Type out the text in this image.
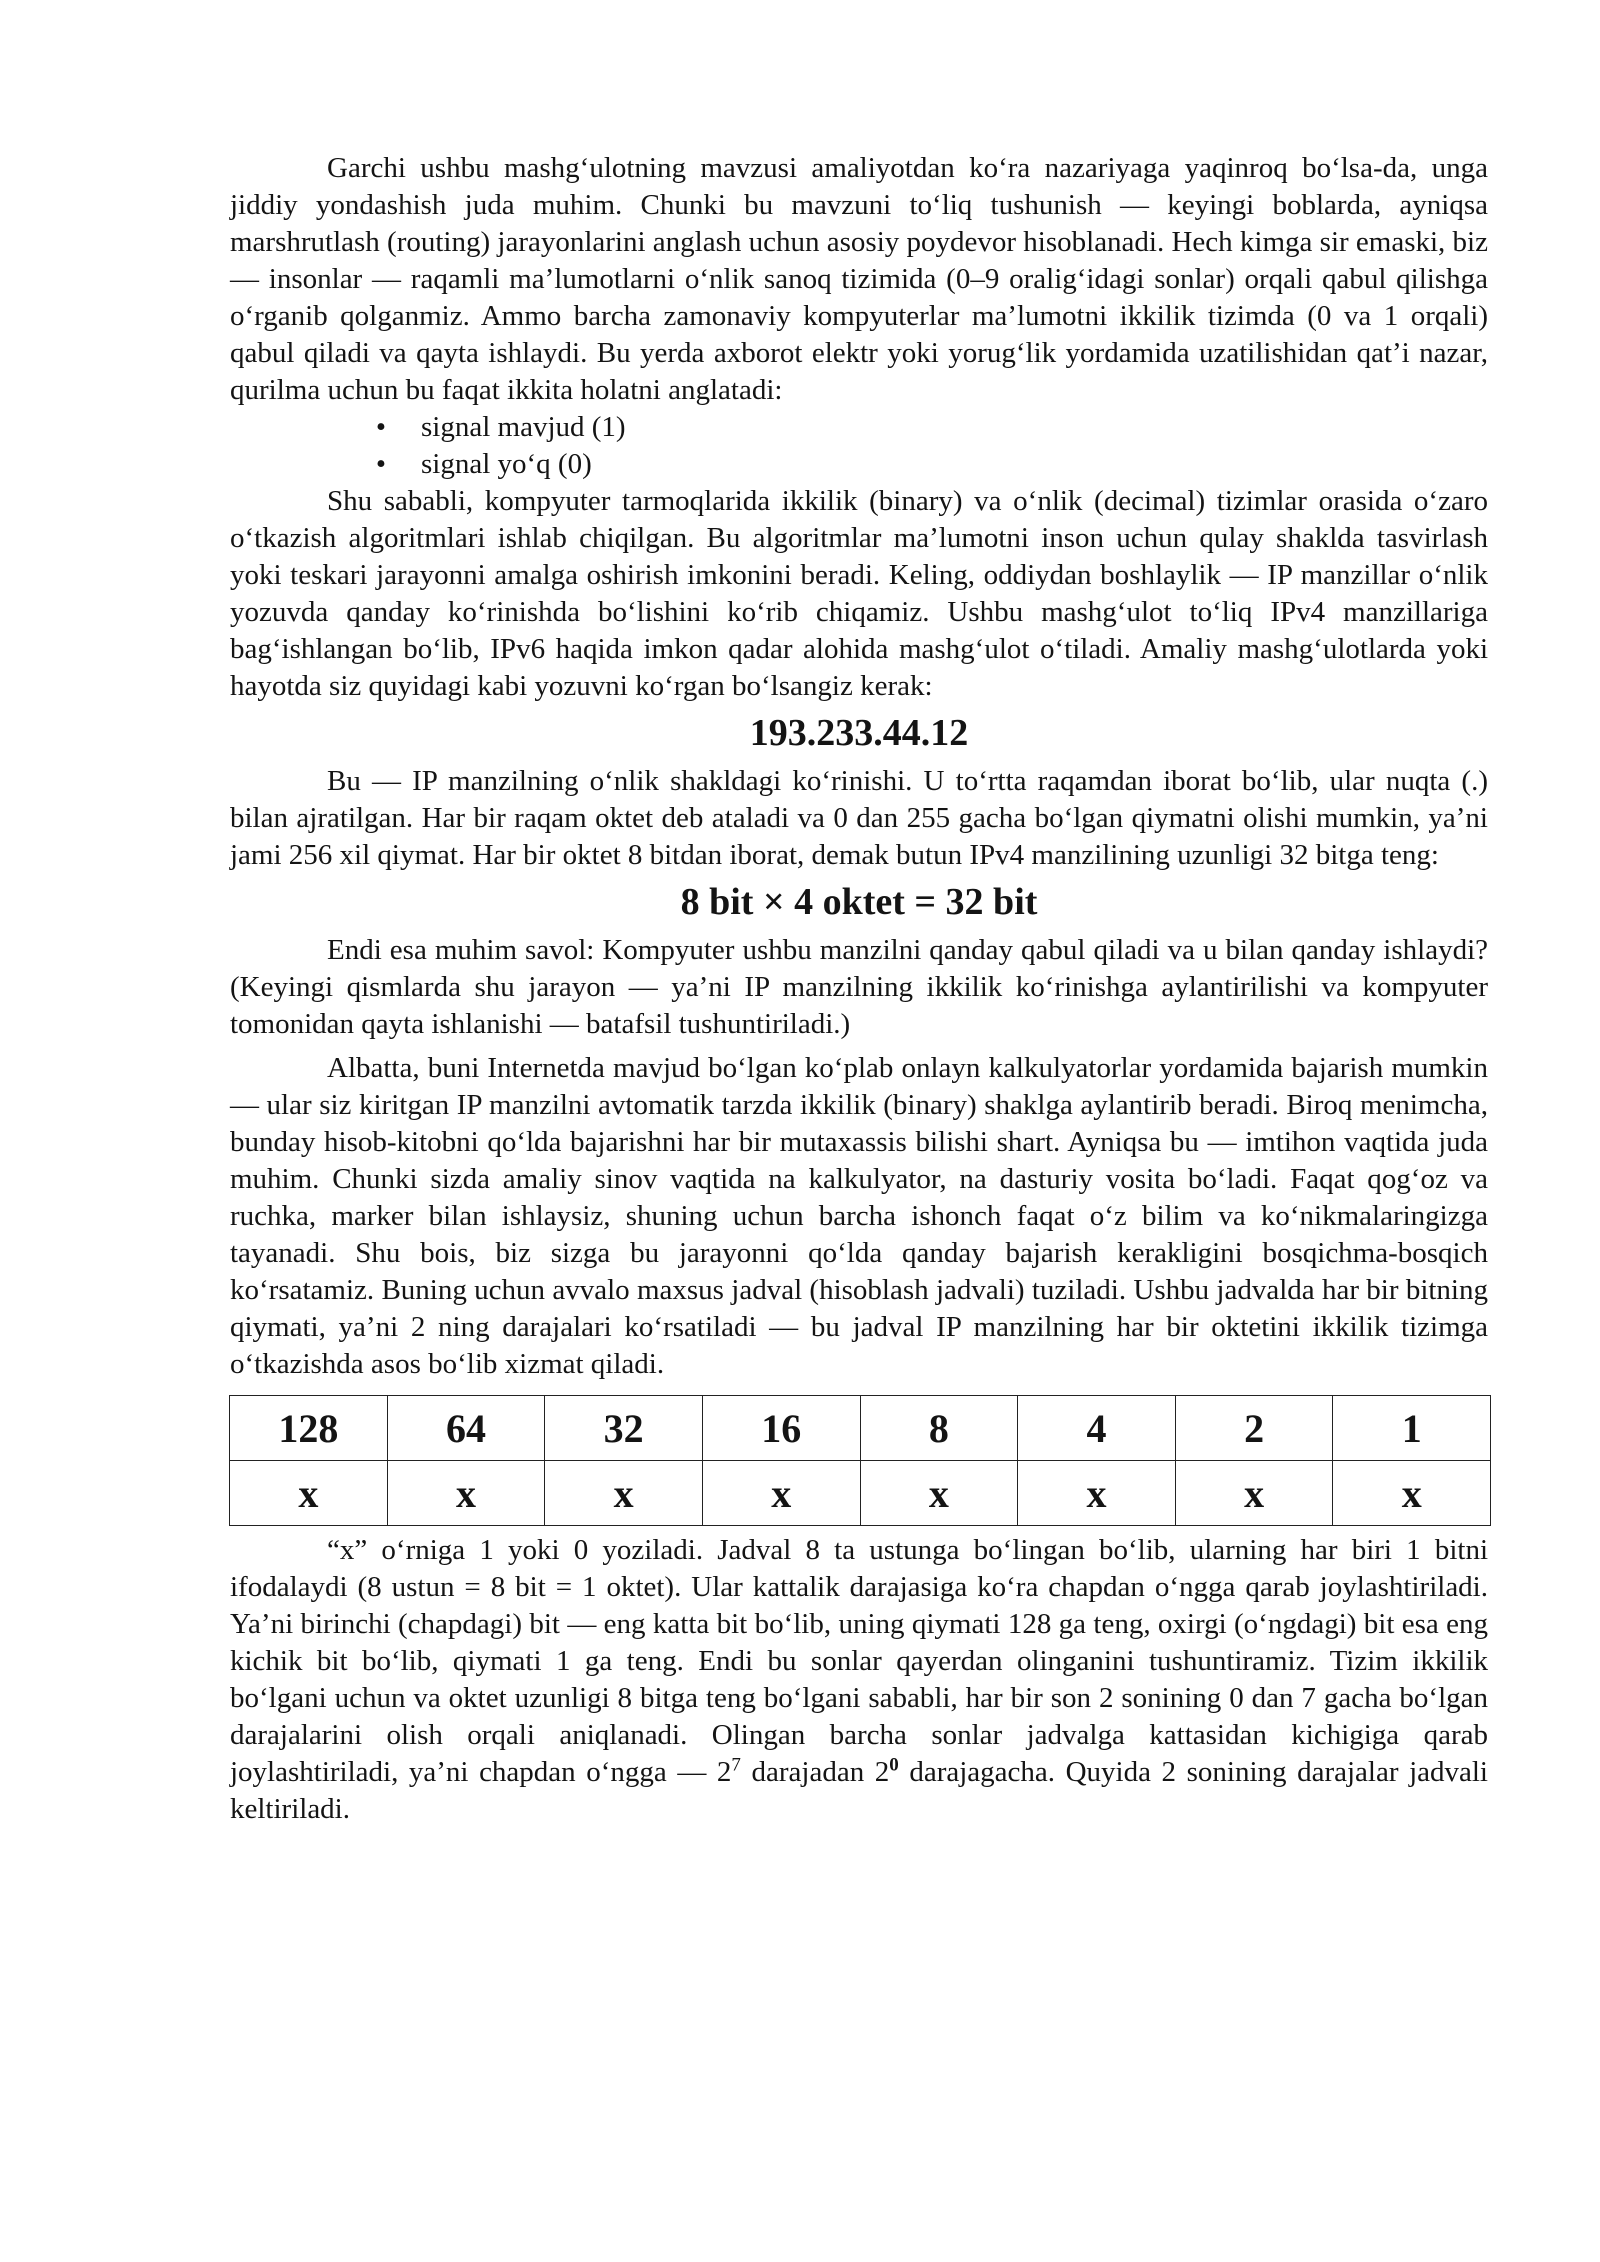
Garchi ushbu mashg‘ulotning mavzusi amaliyotdan ko‘ra nazariyaga yaqinroq bo‘lsa-da, unga jiddiy yondashish juda muhim. Chunki bu mavzuni to‘liq tushunish — keyingi boblarda, ayniqsa marshrutlash (routing) jarayonlarini anglash uchun asosiy poydevor hisoblanadi. Hech kimga sir emaski, biz — insonlar — raqamli ma’lumotlarni o‘nlik sanoq tizimida (0–9 oralig‘idagi sonlar) orqali qabul qilishga o‘rganib qolganmiz. Ammo barcha zamonaviy kompyuterlar ma’lumotni ikkilik tizimda (0 va 1 orqali) qabul qiladi va qayta ishlaydi. Bu yerda axborot elektr yoki yorug‘lik yordamida uzatilishidan qat’i nazar, qurilma uchun bu faqat ikkita holatni anglatadi:

• signal mavjud (1)
• signal yo‘q (0)

Shu sababli, kompyuter tarmoqlarida ikkilik (binary) va o‘nlik (decimal) tizimlar orasida o‘zaro o‘tkazish algoritmlari ishlab chiqilgan. Bu algoritmlar ma’lumotni inson uchun qulay shaklda tasvirlash yoki teskari jarayonni amalga oshirish imkonini beradi. Keling, oddiydan boshlaylik — IP manzillar o‘nlik yozuvda qanday ko‘rinishda bo‘lishini ko‘rib chiqamiz. Ushbu mashg‘ulot to‘liq IPv4 manzillariga bag‘ishlangan bo‘lib, IPv6 haqida imkon qadar alohida mashg‘ulot o‘tiladi. Amaliy mashg‘ulotlarda yoki hayotda siz quyidagi kabi yozuvni ko‘rgan bo‘lsangiz kerak:

193.233.44.12

Bu — IP manzilning o‘nlik shakldagi ko‘rinishi. U to‘rtta raqamdan iborat bo‘lib, ular nuqta (.) bilan ajratilgan. Har bir raqam oktet deb ataladi va 0 dan 255 gacha bo‘lgan qiymatni olishi mumkin, ya’ni jami 256 xil qiymat. Har bir oktet 8 bitdan iborat, demak butun IPv4 manzilining uzunligi 32 bitga teng:

8 bit × 4 oktet = 32 bit

Endi esa muhim savol: Kompyuter ushbu manzilni qanday qabul qiladi va u bilan qanday ishlaydi? (Keyingi qismlarda shu jarayon — ya’ni IP manzilning ikkilik ko‘rinishga aylantirilishi va kompyuter tomonidan qayta ishlanishi — batafsil tushuntiriladi.)

Albatta, buni Internetda mavjud bo‘lgan ko‘plab onlayn kalkulyatorlar yordamida bajarish mumkin — ular siz kiritgan IP manzilni avtomatik tarzda ikkilik (binary) shaklga aylantirib beradi. Biroq menimcha, bunday hisob-kitobni qo‘lda bajarishni har bir mutaxassis bilishi shart. Ayniqsa bu — imtihon vaqtida juda muhim. Chunki sizda amaliy sinov vaqtida na kalkulyator, na dasturiy vosita bo‘ladi. Faqat qog‘oz va ruchka, marker bilan ishlaysiz, shuning uchun barcha ishonch faqat o‘z bilim va ko‘nikmalaringizga tayanadi. Shu bois, biz sizga bu jarayonni qo‘lda qanday bajarish kerakligini bosqichma-bosqich ko‘rsatamiz. Buning uchun avvalo maxsus jadval (hisoblash jadvali) tuziladi. Ushbu jadvalda har bir bitning qiymati, ya’ni 2 ning darajalari ko‘rsatiladi — bu jadval IP manzilning har bir oktetini ikkilik tizimga o‘tkazishda asos bo‘lib xizmat qiladi.

128	64	32	16	8	4	2	1
x	x	x	x	x	x	x	x

“x” o‘rniga 1 yoki 0 yoziladi. Jadval 8 ta ustunga bo‘lingan bo‘lib, ularning har biri 1 bitni ifodalaydi (8 ustun = 8 bit = 1 oktet). Ular kattalik darajasiga ko‘ra chapdan o‘ngga qarab joylashtiriladi. Ya’ni birinchi (chapdagi) bit — eng katta bit bo‘lib, uning qiymati 128 ga teng, oxirgi (o‘ngdagi) bit esa eng kichik bit bo‘lib, qiymati 1 ga teng. Endi bu sonlar qayerdan olinganini tushuntiramiz. Tizim ikkilik bo‘lgani uchun va oktet uzunligi 8 bitga teng bo‘lgani sababli, har bir son 2 sonining 0 dan 7 gacha bo‘lgan darajalarini olish orqali aniqlanadi. Olingan barcha sonlar jadvalga kattasidan kichigiga qarab joylashtiriladi, ya’ni chapdan o‘ngga — $2^7$ darajadan $2^0$ darajagacha. Quyida 2 sonining darajalar jadvali keltiriladi.
